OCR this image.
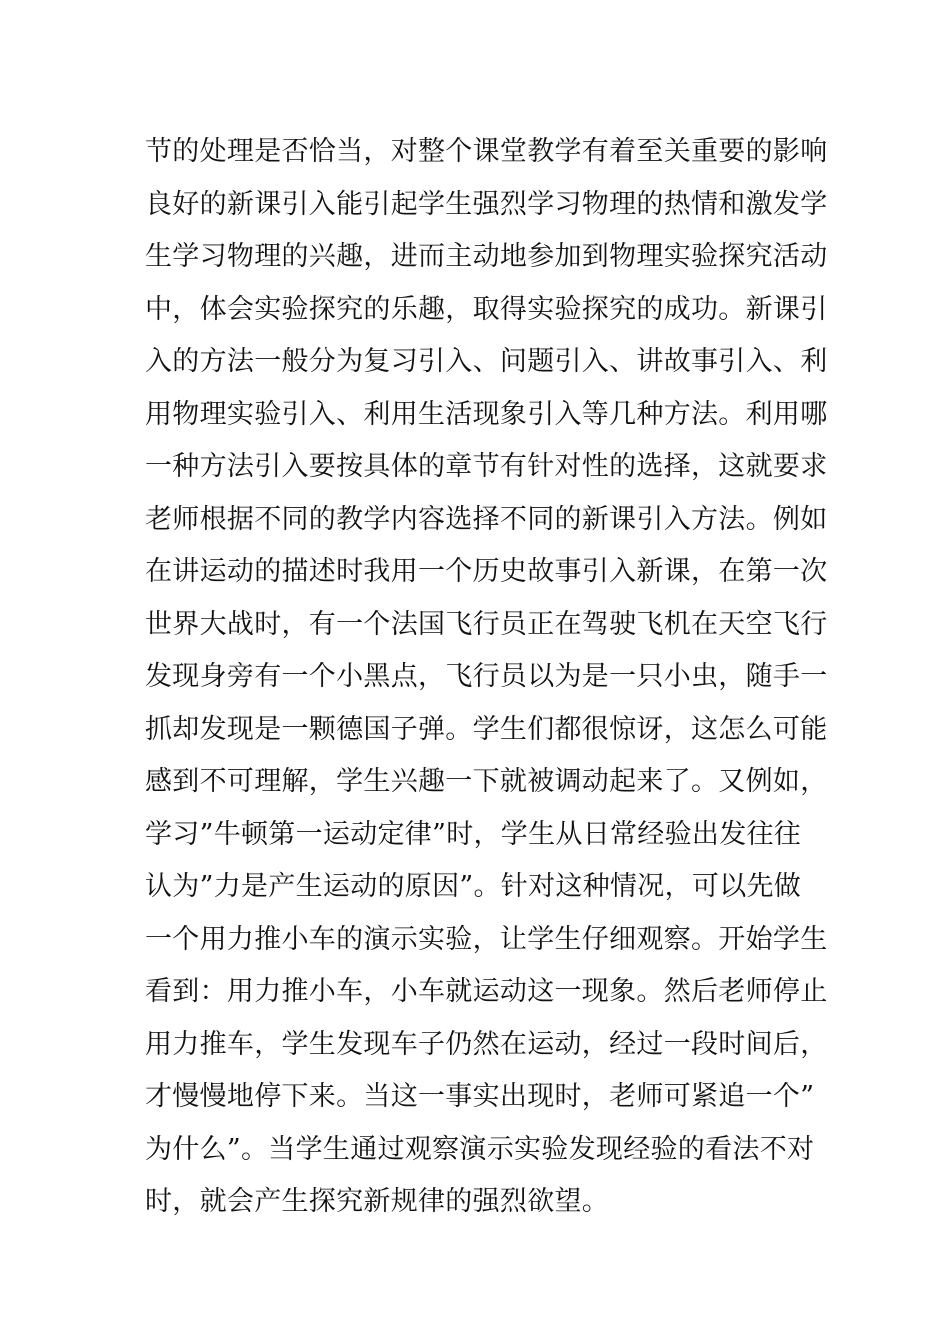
节的处理是否恰当，对整个课堂教学有着至关重要的影响
良好的新课引入能引起学生强烈学习物理的热情和激发学
生学习物理的兴趣，进而主动地参加到物理实验探究活动
中，体会实验探究的乐趣，取得实验探究的成功。新课引
入的方法一般分为复习引入、问题引入、讲故事引入、利
用物理实验引入、利用生活现象引入等几种方法。利用哪
一种方法引入要按具体的章节有针对性的选择，这就要求
老师根据不同的教学内容选择不同的新课引入方法。例如
在讲运动的描述时我用一个历史故事引入新课，在第一次
世界大战时，有一个法国飞行员正在驾驶飞机在天空飞行
发现身旁有一个小黑点，飞行员以为是一只小虫，随手一
抓却发现是一颗德国子弹。学生们都很惊讶，这怎么可能
感到不可理解，学生兴趣一下就被调动起来了。又例如，
学习”牛顿第一运动定律”时，学生从日常经验出发往往
认为”力是产生运动的原因”。针对这种情况，可以先做
一个用力推小车的演示实验，让学生仔细观察。开始学生
看到：用力推小车，小车就运动这一现象。然后老师停止
用力推车，学生发现车子仍然在运动，经过一段时间后，
才慢慢地停下来。当这一事实出现时，老师可紧追一个”
为什么”。当学生通过观察演示实验发现经验的看法不对
时，就会产生探究新规律的强烈欲望。
